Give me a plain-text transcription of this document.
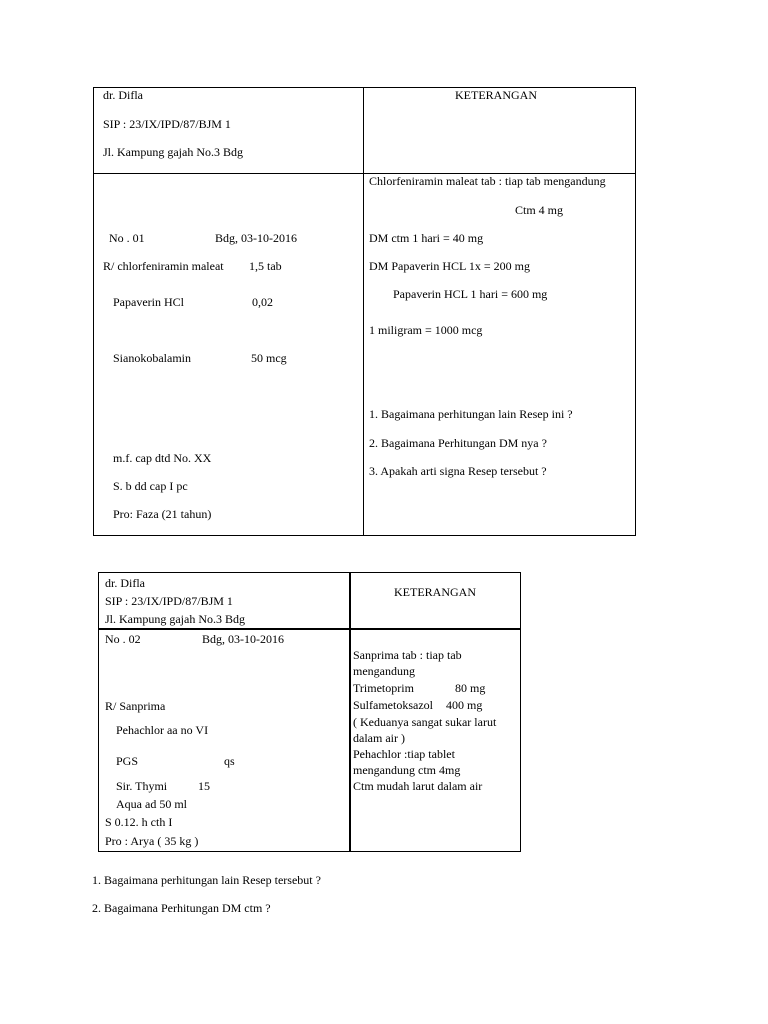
dr. Difla
SIP : 23/IX/IPD/87/BJM 1
Jl. Kampung gajah No.3 Bdg
KETERANGAN
No . 01	Bdg, 03-10-2016
R/ chlorfeniramin maleat 1,5 tab
Papaverin HCl	0,02
Sianokobalamin	50 mcg
m.f. cap dtd No. XX
S. b dd cap I pc
Pro: Faza (21 tahun)
Chlorfeniramin maleat tab : tiap tab mengandung
Ctm 4 mg
DM ctm 1 hari = 40 mg
DM Papaverin HCL 1x = 200 mg
Papaverin HCL 1 hari = 600 mg
1 miligram = 1000 mcg
1. Bagaimana perhitungan lain Resep ini ?
2. Bagaimana Perhitungan DM nya ?
3. Apakah arti signa Resep tersebut ?
dr. Difla
SIP : 23/IX/IPD/87/BJM 1
Jl. Kampung gajah No.3 Bdg
KETERANGAN
No . 02	Bdg, 03-10-2016
R/ Sanprima
Pehachlor aa no VI
PGS	qs
Sir. Thymi	15
Aqua ad 50 ml
S 0.12. h cth I
Pro : Arya ( 35 kg )
Sanprima tab : tiap tab
mengandung
Trimetoprim	80 mg
Sulfametoksazol 400 mg
( Keduanya sangat sukar larut
dalam air )
Pehachlor :tiap tablet
mengandung ctm 4mg
Ctm mudah larut dalam air
1. Bagaimana perhitungan lain Resep tersebut ?
2. Bagaimana Perhitungan DM ctm ?
